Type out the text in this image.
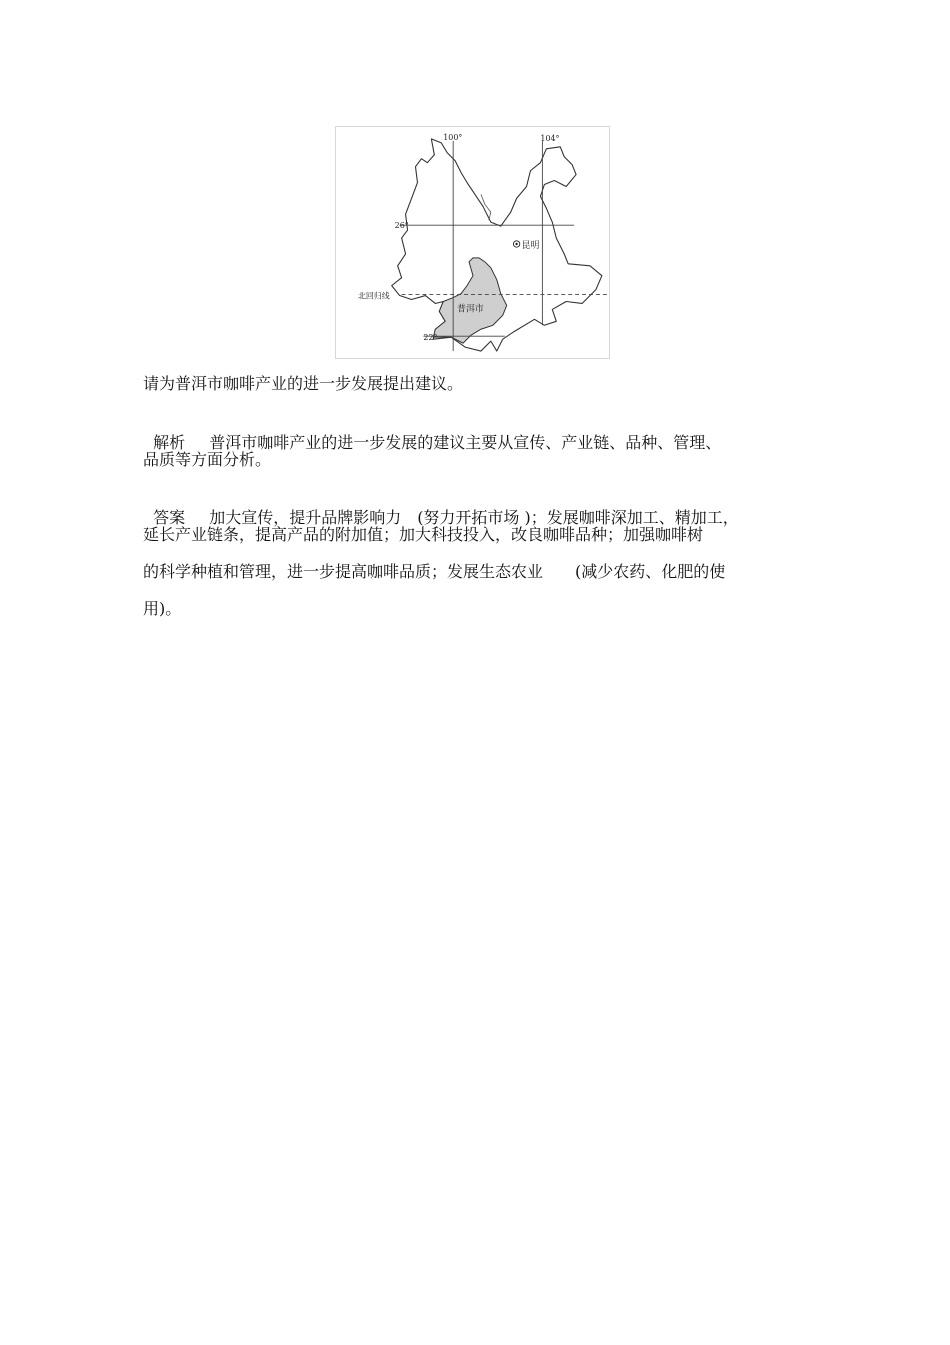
100°	104°
26°
22°
北回归线
昆明
普洱市
请为普洱市咖啡产业的进一步发展提出建议。

解析 普洱市咖啡产业的进一步发展的建议主要从宣传、产业链、品种、管理、

品质等方面分析。

答案 加大宣传，提升品牌影响力　(努力开拓市场 )；发展咖啡深加工、精加工，

延长产业链条，提高产品的附加值；加大科技投入，改良咖啡品种；加强咖啡树
的科学种植和管理，进一步提高咖啡品质；发展生态农业　　(减少农药、化肥的使
用)。
